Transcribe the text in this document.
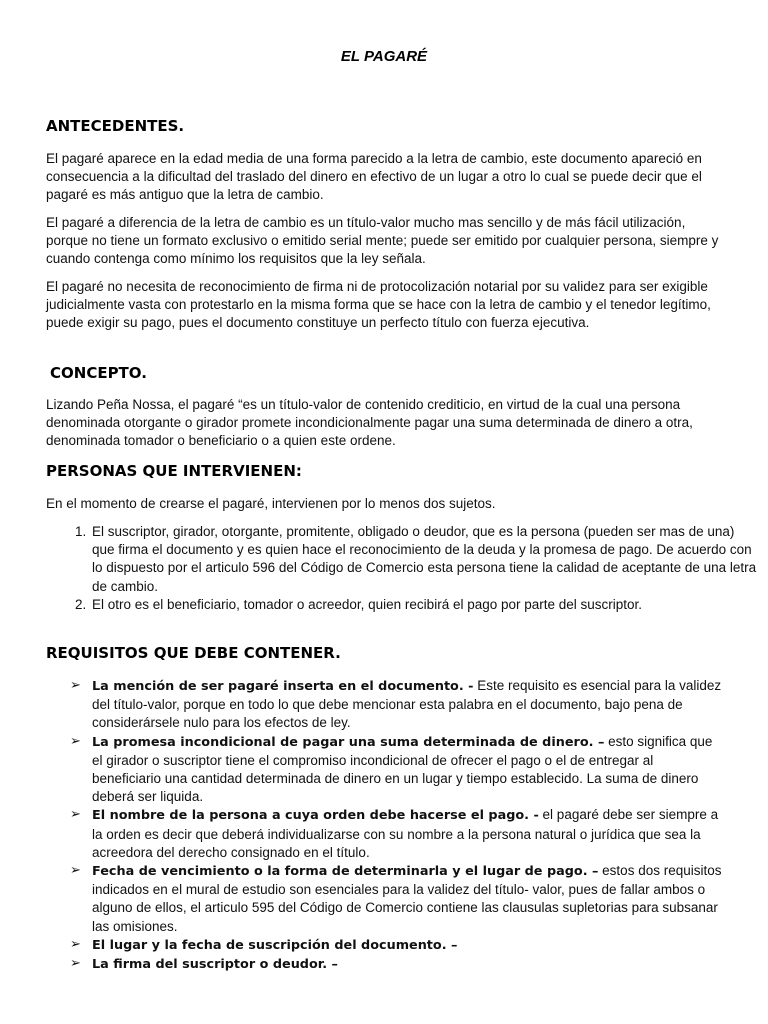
EL PAGARÉ
ANTECEDENTES.

El pagaré aparece en la edad media de una forma parecido a la letra de cambio, este documento apareció en consecuencia a la dificultad del traslado del dinero en efectivo de un lugar a otro lo cual se puede decir que el pagaré es más antiguo que la letra de cambio.

El pagaré a diferencia de la letra de cambio es un título-valor mucho mas sencillo y de más fácil utilización, porque no tiene un formato exclusivo o emitido serial mente; puede ser emitido por cualquier persona, siempre y cuando contenga como mínimo los requisitos que la ley señala.

El pagaré no necesita de reconocimiento de firma ni de protocolización notarial por su validez para ser exigible judicialmente vasta con protestarlo en la misma forma que se hace con la letra de cambio y el tenedor legítimo, puede exigir su pago, pues el documento constituye un perfecto título con fuerza ejecutiva.

CONCEPTO.

Lizando Peña Nossa, el pagaré “es un título-valor de contenido crediticio, en virtud de la cual una persona denominada otorgante o girador promete incondicionalmente pagar una suma determinada de dinero a otra, denominada tomador o beneficiario o a quien este ordene.

PERSONAS QUE INTERVIENEN:

En el momento de crearse el pagaré, intervienen por lo menos dos sujetos.

1. El suscriptor, girador, otorgante, promitente, obligado o deudor, que es la persona (pueden ser mas de una) que firma el documento y es quien hace el reconocimiento de la deuda y la promesa de pago. De acuerdo con lo dispuesto por el articulo 596 del Código de Comercio esta persona tiene la calidad de aceptante de una letra de cambio.
2. El otro es el beneficiario, tomador o acreedor, quien recibirá el pago por parte del suscriptor.
REQUISITOS QUE DEBE CONTENER.
➢ La mención de ser pagaré inserta en el documento. - Este requisito es esencial para la validez del título-valor, porque en todo lo que debe mencionar esta palabra en el documento, bajo pena de considerársele nulo para los efectos de ley.
➢ La promesa incondicional de pagar una suma determinada de dinero. – esto significa que el girador o suscriptor tiene el compromiso incondicional de ofrecer el pago o el de entregar al beneficiario una cantidad determinada de dinero en un lugar y tiempo establecido. La suma de dinero deberá ser liquida.
➢ El nombre de la persona a cuya orden debe hacerse el pago. - el pagaré debe ser siempre a la orden es decir que deberá individualizarse con su nombre a la persona natural o jurídica que sea la acreedora del derecho consignado en el título.
➢ Fecha de vencimiento o la forma de determinarla y el lugar de pago. – estos dos requisitos indicados en el mural de estudio son esenciales para la validez del título- valor, pues de fallar ambos o alguno de ellos, el articulo 595 del Código de Comercio contiene las clausulas supletorias para subsanar las omisiones.
➢ El lugar y la fecha de suscripción del documento. –
➢ La firma del suscriptor o deudor. –
